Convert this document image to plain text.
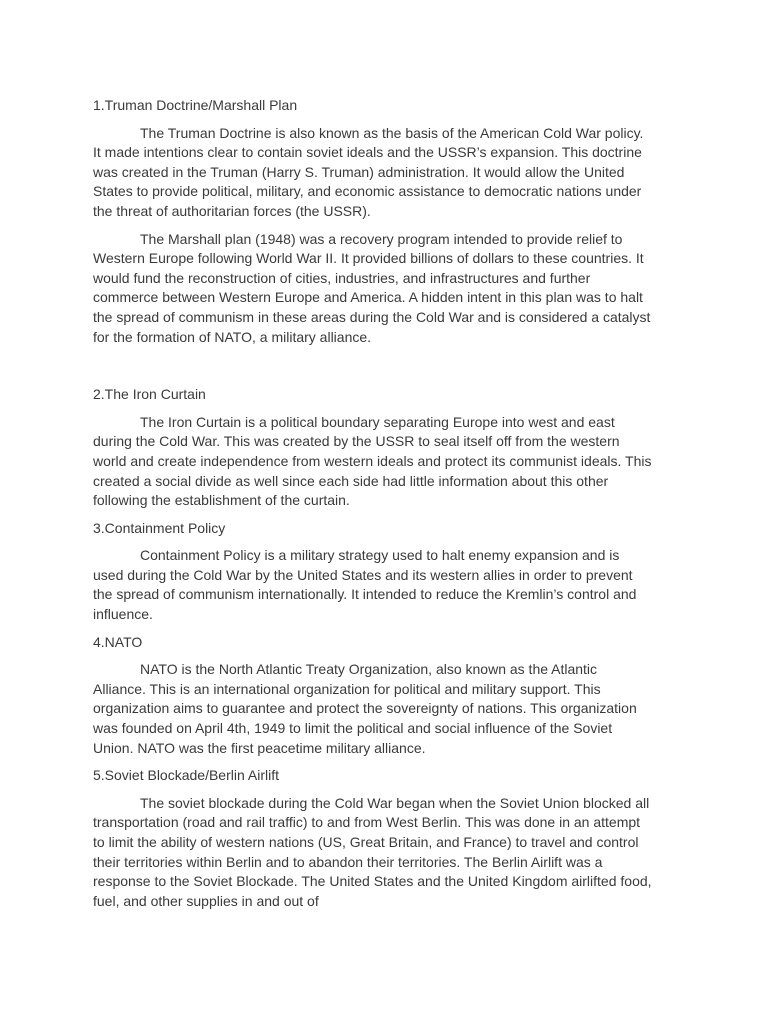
1.Truman Doctrine/Marshall Plan

The Truman Doctrine is also known as the basis of the American Cold War policy. It made intentions clear to contain soviet ideals and the USSR’s expansion. This doctrine was created in the Truman (Harry S. Truman) administration. It would allow the United States to provide political, military, and economic assistance to democratic nations under the threat of authoritarian forces (the USSR).

The Marshall plan (1948) was a recovery program intended to provide relief to Western Europe following World War II. It provided billions of dollars to these countries. It would fund the reconstruction of cities, industries, and infrastructures and further commerce between Western Europe and America. A hidden intent in this plan was to halt the spread of communism in these areas during the Cold War and is considered a catalyst for the formation of NATO, a military alliance.

2.The Iron Curtain

The Iron Curtain is a political boundary separating Europe into west and east during the Cold War. This was created by the USSR to seal itself off from the western world and create independence from western ideals and protect its communist ideals. This created a social divide as well since each side had little information about this other following the establishment of the curtain.

3.Containment Policy

Containment Policy is a military strategy used to halt enemy expansion and is used during the Cold War by the United States and its western allies in order to prevent the spread of communism internationally. It intended to reduce the Kremlin’s control and influence.

4.NATO

NATO is the North Atlantic Treaty Organization, also known as the Atlantic Alliance. This is an international organization for political and military support. This organization aims to guarantee and protect the sovereignty of nations. This organization was founded on April 4th, 1949 to limit the political and social influence of the Soviet Union. NATO was the first peacetime military alliance.

5.Soviet Blockade/Berlin Airlift

The soviet blockade during the Cold War began when the Soviet Union blocked all transportation (road and rail traffic) to and from West Berlin. This was done in an attempt to limit the ability of western nations (US, Great Britain, and France) to travel and control their territories within Berlin and to abandon their territories. The Berlin Airlift was a response to the Soviet Blockade. The United States and the United Kingdom airlifted food, fuel, and other supplies in and out of
